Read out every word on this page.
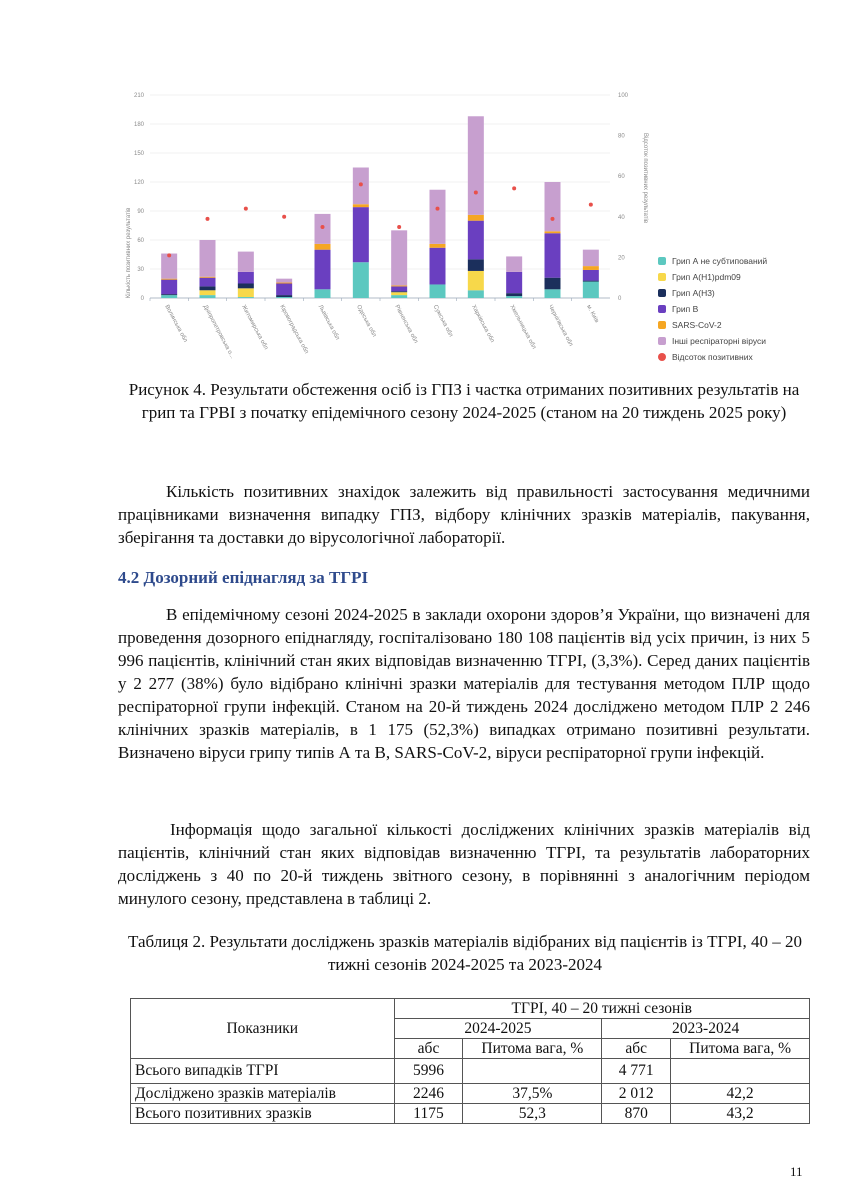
0
30
60
90
120
150
180
210
0
20
40
60
80
100
Кількість позитивних результатів
Відсоток позитивних результатів
Волинська обл Дніпропетровська о... Житомирська обл Кіровоградська обл Львівська обл Одеська обл	Рівненська обл Сумська обл	Харківська обл Хмельницька обл Чернігівська обл м. Київ
Грип А не субтипований
Грип A(H1)pdm09
Грип A(H3)
Грип B
SARS-CoV-2
Інші респіраторні віруси
Відсоток позитивних
Рисунок 4. Результати обстеження осіб із ГПЗ і частка отриманих позитивних результатів на грип та ГРВІ з початку епідемічного сезону 2024-2025 (станом на 20 тиждень 2025 року)
Кількість позитивних знахідок залежить від правильності застосування медичними працівниками визначення випадку ГПЗ, відбору клінічних зразків матеріалів, пакування, зберігання та доставки до вірусологічної лабораторії.
4.2 Дозорний епіднагляд за ТГРІ
В епідемічному сезоні 2024-2025 в заклади охорони здоров’я України, що визначені для проведення дозорного епіднагляду, госпіталізовано 180 108 пацієнтів від усіх причин, із них 5 996 пацієнтів, клінічний стан яких відповідав визначенню ТГРІ, (3,3%). Серед даних пацієнтів у 2 277 (38%) було відібрано клінічні зразки матеріалів для тестування методом ПЛР щодо респіраторної групи інфекцій. Станом на 20-й тиждень 2024 досліджено методом ПЛР 2 246 клінічних зразків матеріалів, в 1 175 (52,3%) випадках отримано позитивні результати. Визначено віруси грипу типів А та В, SARS-CoV-2, віруси респіраторної групи інфекцій.
Інформація щодо загальної кількості досліджених клінічних зразків матеріалів від пацієнтів, клінічний стан яких відповідав визначенню ТГРІ, та результатів лабораторних досліджень з 40 по 20-й тиждень звітного сезону, в порівнянні з аналогічним періодом минулого сезону, представлена в таблиці 2.
Таблиця 2. Результати досліджень зразків матеріалів відібраних від пацієнтів із ТГРІ, 40 – 20 тижні сезонів 2024-2025 та 2023-2024
Показники	ТГРІ, 40 – 20 тижні сезонів			
	2024-2025		2023-2024	
	абс	Питома вага, %	абс	Питома вага, %
Всього випадків ТГРІ	5996		4 771	
Досліджено зразків матеріалів	2246	37,5%	2 012	42,2
Всього позитивних зразків	1175	52,3	870	43,2
11
